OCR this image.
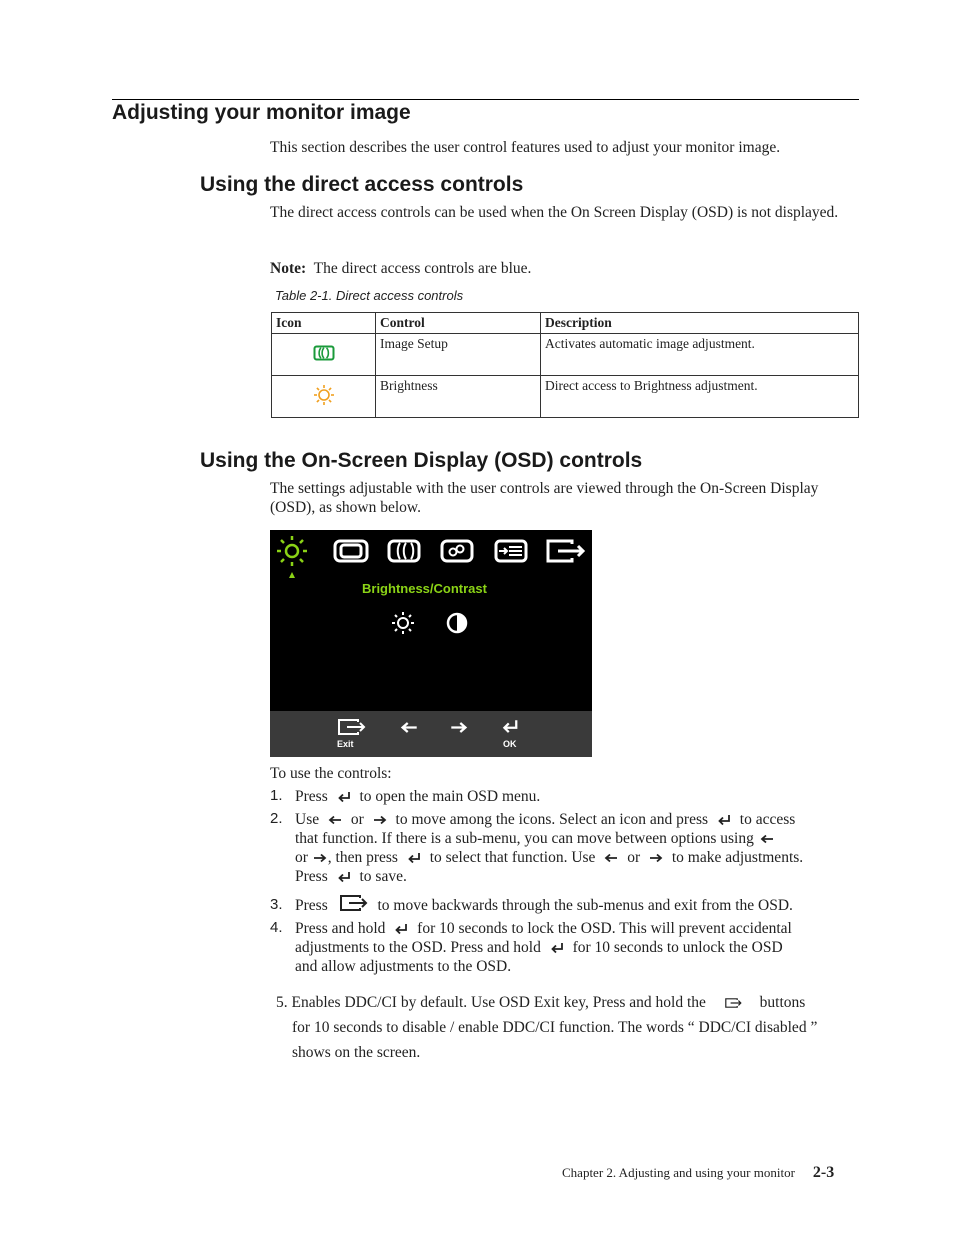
Adjusting your monitor image
This section describes the user control features used to adjust your monitor image.
Using the direct access controls
The direct access controls can be used when the On Screen Display (OSD) is not displayed.
Note: The direct access controls are blue.
Table 2-1. Direct access controls
Icon	Control	Description
	Image Setup	Activates automatic image adjustment.
	Brightness	Direct access to Brightness adjustment.
Using the On-Screen Display (OSD) controls
The settings adjustable with the user controls are viewed through the On-Screen Display (OSD), as shown below.
Brightness/Contrast
Exit	OK
To use the controls:
1. Press to open the main OSD menu.
2. Use or to move among the icons. Select an icon and press to access
that function. If there is a sub-menu, you can move between options using
or , then press to select that function. Use or to make adjustments.
Press to save.
3. Press	to move backwards through the sub-menus and exit from the OSD.
4. Press and hold for 10 seconds to lock the OSD. This will prevent accidental
adjustments to the OSD. Press and hold for 10 seconds to unlock the OSD
and allow adjustments to the OSD.
5. Enables DDC/CI by default. Use OSD Exit key, Press and hold the	buttons
for 10 seconds to disable / enable DDC/CI function. The words “ DDC/CI disabled ”
shows on the screen.
Chapter 2. Adjusting and using your monitor 2-3
